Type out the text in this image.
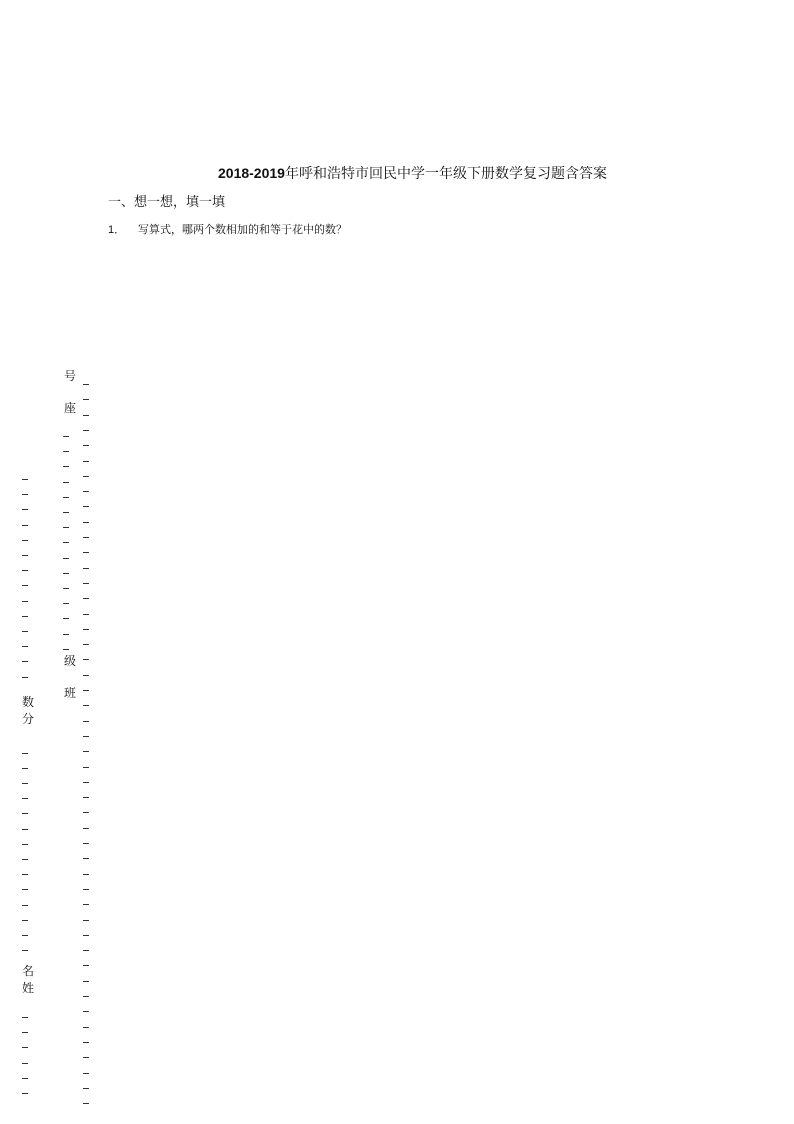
2018-2019年呼和浩特市回民中学一年级下册数学复习题含答案
一、想一想，填一填
1． 写算式，哪两个数相加的和等于花中的数？
号
座
级
班
数
分
名
姓
